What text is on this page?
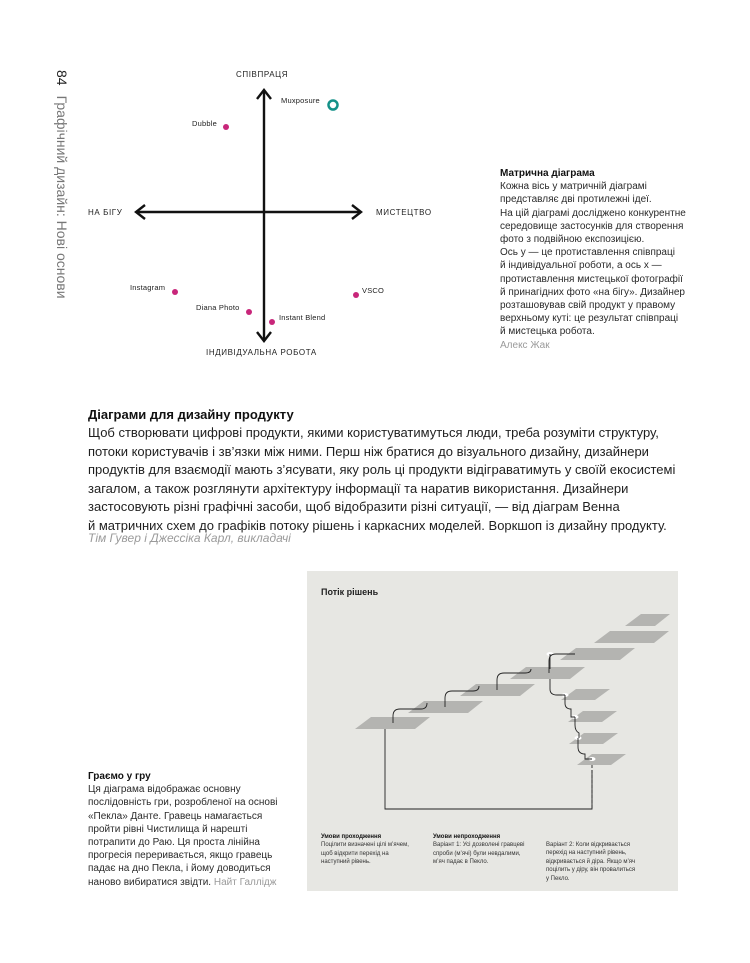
84Графічний дизайн: Нові основи
СПІВПРАЦЯ
ІНДИВІДУАЛЬНА РОБОТА
НА БІГУ	МИСТЕЦТВО
Muxposure
Dubble
Instagram
Diana Photo
Instant Blend
VSCO
Матрична діаграма
Кожна вісь у матричній діаграмі
представляє дві протилежні ідеї.
На цій діаграмі досліджено конкурентне
середовище застосунків для створення
фото з подвійною експозицією.
Ось у — це протиставлення співпраці
й індивідуальної роботи, а ось x —
протиставлення мистецької фотографії
й принагідних фото «на бігу». Дизайнер
розташовував свій продукт у правому
верхньому куті: це результат співпраці
й мистецька робота.
Алекс Жак
Діаграми для дизайну продукту
Щоб створювати цифрові продукти, якими користуватимуться люди, треба розуміти структуру,
потоки користувачів і зв’язки між ними. Перш ніж братися до візуального дизайну, дизайнери
продуктів для взаємодії мають з’ясувати, яку роль ці продукти відіграватимуть у своїй екосистемі
загалом, а також розглянути архітектуру інформації та наратив використання. Дизайнери
застосовують різні графічні засоби, щоб відобразити різні ситуації, — від діаграм Венна
й матричних схем до графіків потоку рішень і каркасних моделей. Воркшоп із дизайну продукту.
Тім Гувер і Джессіка Карл, викладачі
Потік рішень
Умови проходження
Поцілити визначені цілі м’ячем,
щоб відкрити перехід на
наступний рівень.
Умови непроходження
Варіант 1: Усі дозволені гравцеві
спроби (м’ячі) були невдалими,
м’яч падає в Пекло.
Варіант 2: Коли відкривається
перехід на наступний рівень,
відкривається й діра. Якщо м’яч
поцілить у діру, він провалиться
у Пекло.
Граємо у гру
Ця діаграма відображає основну
послідовність гри, розробленої на основі
«Пекла» Данте. Гравець намагається
пройти рівні Чистилища й нарешті
потрапити до Раю. Ця проста лінійна
прогресія переривається, якщо гравець
падає на дно Пекла, і йому доводиться
наново вибиратися звідти. Найт Галлідж
